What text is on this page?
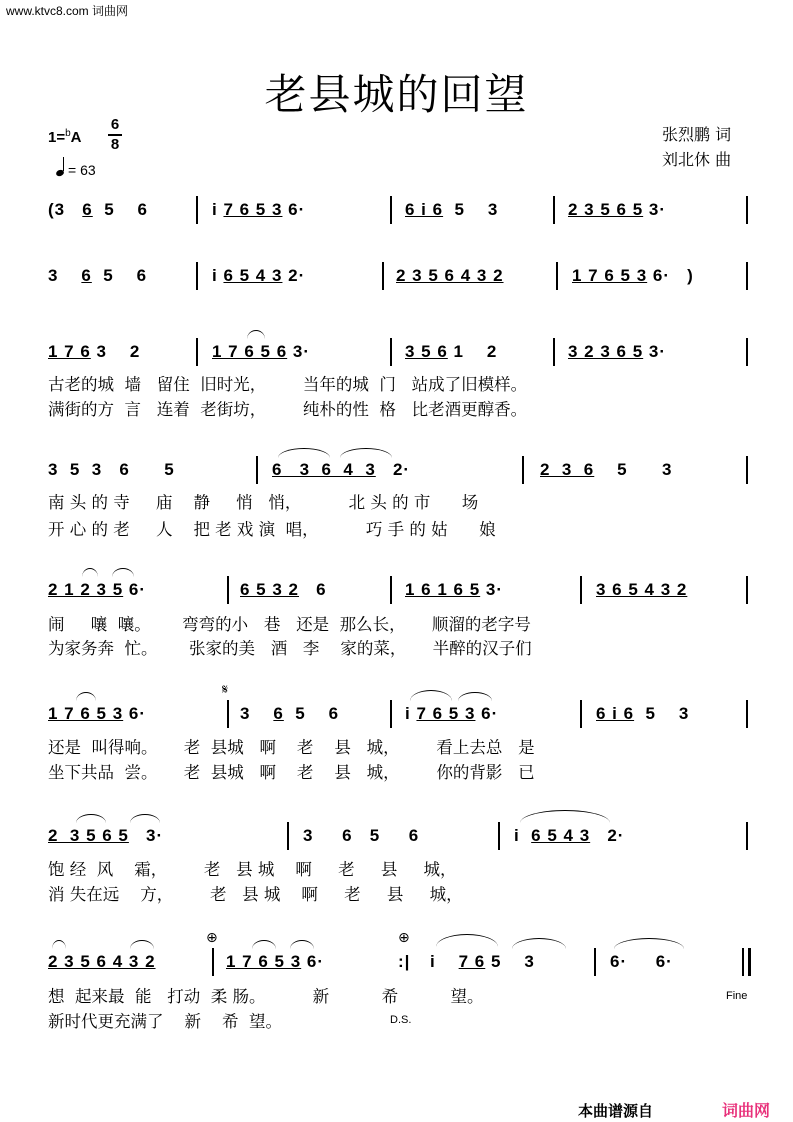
www.ktvc8.com 词曲网
老县城的回望
1=$^b$A
6
8
= 63
张烈鹏 词
刘北休 曲
(3   6  5    6	i 7 6 5 3 6·	6 i 6  5    3	2 3 5 6 5 3·
3    6  5    6	i 6 5 4 3 2·	2 3 5 6 4 3 2	1 7 6 5 3 6·   )
1 7 6 3    2	1 7 6 5 6 3·	3 5 6 1    2	3 2 3 6 5 3·
古老的城  墙   留住  旧时光，       当年的城  门   站成了旧模样。
满街的方  言   连着  老街坊，       纯朴的性  格   比老酒更醇香。
3  5  3   6      5	6   3  6  4  3   2·	2  3  6    5      3
南 头 的 寺     庙    静     悄   悄，         北 头 的 市      场
开 心 的 老     人    把 老 戏 演  唱，         巧 手 的 姑      娘
2 1 2 3 5 6·	6 5 3 2   6	1 6 1 6 5 3·	3 6 5 4 3 2
闹     嚷  嚷。      弯弯的小   巷   还是  那么长，     顺溜的老字号
为家务奔  忙。      张家的美   酒   李    家的菜，     半醉的汉子们
𝄋
1 7 6 5 3 6·	3    6  5    6	i 7 6 5 3 6·	6 i 6  5    3
还是  叫得响。     老  县城   啊    老    县   城，       看上去总   是
坐下共品  尝。     老  县城   啊    老    县   城，       你的背影   已
2  3 5 6 5   3·	3     6   5     6	i  6 5 4 3   2·
饱 经  风    霜，       老   县 城    啊     老     县     城，
消 失在远    方，       老   县 城    啊     老     县     城，
⊕	⊕
2 3 5 6 4 3 2	1 7 6 5 3 6·	:| i    7 6 5    3	6·     6·
想  起来最  能   打动  柔 肠。         新          希          望。
新时代更充满了    新    希  望。
Fine
D.S.
本曲谱源自	词曲网
